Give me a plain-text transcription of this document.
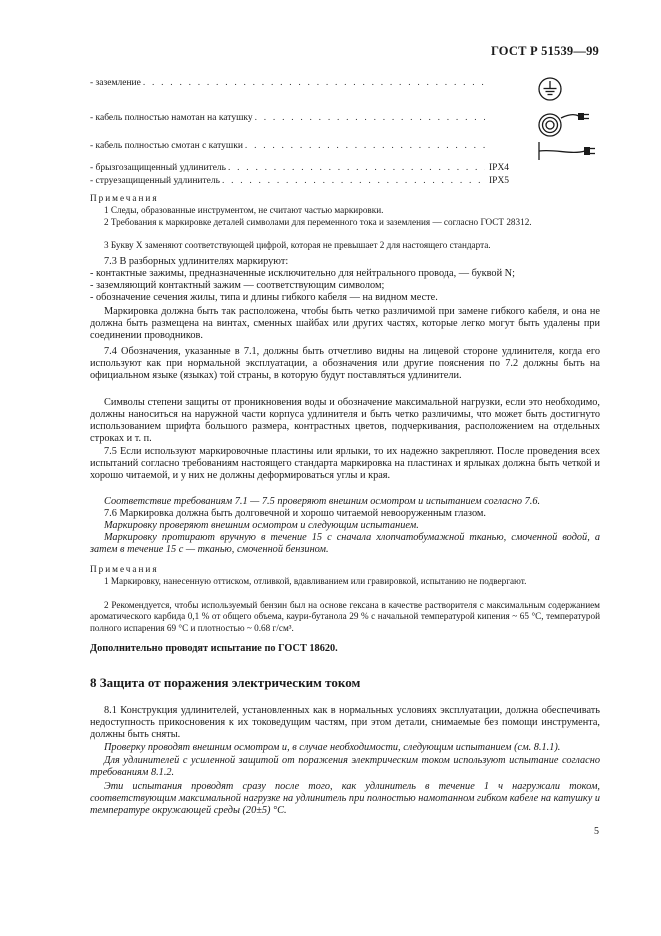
ГОСТ Р 51539—99
- заземление
. . .
- кабель полностью намотан на катушку
. . .
- кабель полностью смотан с катушки
. . .
- брызгозащищенный удлинитель . . .	IPX4
- струезащищенный удлинитель . . .	IPX5
Примечания
1 Следы, образованные инструментом, не считают частью маркировки.
2 Требования к маркировке деталей символами для переменного тока и заземления — согласно ГОСТ 28312.
3 Букву Х заменяют соответствующей цифрой, которая не превышает 2 для настоящего стандарта.
7.3 В разборных удлинителях маркируют:
- контактные зажимы, предназначенные исключительно для нейтрального провода, — буквой N;
- заземляющий контактный зажим — соответствующим символом;
- обозначение сечения жилы, типа и длины гибкого кабеля — на видном месте.
Маркировка должна быть так расположена, чтобы быть четко различимой при замене гибкого кабеля, и она не должна быть размещена на винтах, сменных шайбах или других частях, которые легко могут быть удалены при соединении проводников.
7.4 Обозначения, указанные в 7.1, должны быть отчетливо видны на лицевой стороне удлинителя, когда его используют как при нормальной эксплуатации, а обозначения или другие пояснения по 7.2 должны быть на официальном языке (языках) той страны, в которую будут поставляться удлинители.
Символы степени защиты от проникновения воды и обозначение максимальной нагрузки, если это необходимо, должны наноситься на наружной части корпуса удлинителя и быть четко различимы, что может быть достигнуто использованием шрифта большого размера, контрастных цветов, подчеркивания, расположением на отдельных строках и т. п.
7.5 Если используют маркировочные пластины или ярлыки, то их надежно закрепляют. После проведения всех испытаний согласно требованиям настоящего стандарта маркировка на пластинах и ярлыках должна быть четкой и хорошо читаемой, и у них не должны деформироваться углы и края.
Соответствие требованиям 7.1 — 7.5 проверяют внешним осмотром и испытанием согласно 7.6.
7.6 Маркировка должна быть долговечной и хорошо читаемой невооруженным глазом.
Маркировку проверяют внешним осмотром и следующим испытанием.
Маркировку протирают вручную в течение 15 с сначала хлопчатобумажной тканью, смоченной водой, а затем в течение 15 с — тканью, смоченной бензином.
Примечания
1 Маркировку, нанесенную оттиском, отливкой, вдавливанием или гравировкой, испытанию не подвергают.
2 Рекомендуется, чтобы используемый бензин был на основе гексана в качестве растворителя с максимальным содержанием ароматического карбида 0,1 % от общего объема, каури-бутанола 29 % с начальной температурой кипения ~ 65 °С, температурой полного испарения 69 °С и плотностью ~ 0.68 г/см³.
Дополнительно проводят испытание по ГОСТ 18620.
8 Защита от поражения электрическим током
8.1 Конструкция удлинителей, установленных как в нормальных условиях эксплуатации, должна обеспечивать недоступность прикосновения к их токоведущим частям, при этом детали, снимаемые без помощи инструмента, должны быть сняты.
Проверку проводят внешним осмотром и, в случае необходимости, следующим испытанием (см. 8.1.1).
Для удлинителей с усиленной защитой от поражения электрическим током используют испытание согласно требованиям 8.1.2.
Эти испытания проводят сразу после того, как удлинитель в течение 1 ч нагружали током, соответствующим максимальной нагрузке на удлинитель при полностью намотанном гибком кабеле на катушку и температуре окружающей среды (20±5) °С.
5
